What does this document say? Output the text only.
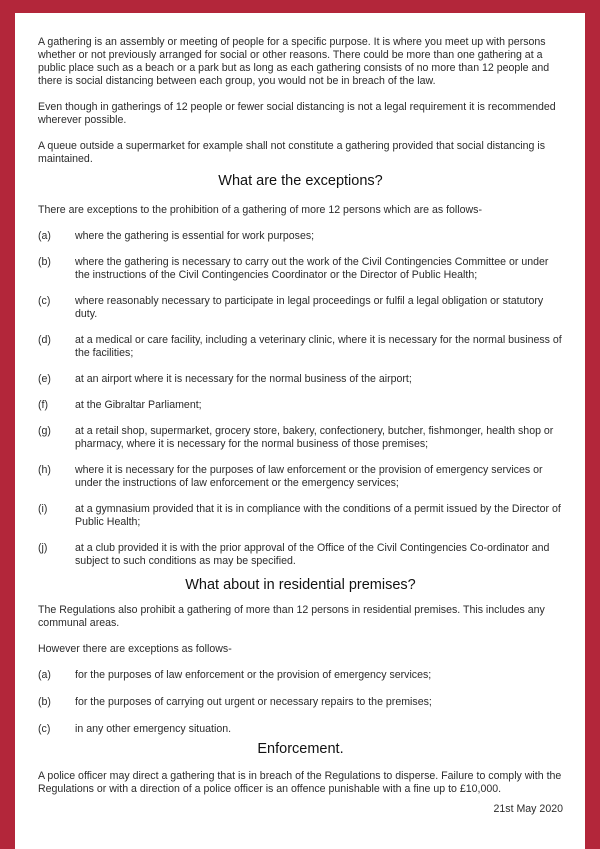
A gathering is an assembly or meeting of people for a specific purpose. It is where you meet up with persons whether or not previously arranged for social or other reasons. There could be more than one gathering at a public place such as a beach or a park but as long as each gathering consists of no more than 12 people and there is social distancing between each group, you would not be in breach of the law.

Even though in gatherings of 12 people or fewer social distancing is not a legal requirement it is recommended wherever possible.

A queue outside a supermarket for example shall not constitute a gathering provided that social distancing is maintained.

What are the exceptions?

There are exceptions to the prohibition of a gathering of more 12 persons which are as follows-

(a)	where the gathering is essential for work purposes;
(b)	where the gathering is necessary to carry out the work of the Civil Contingencies Committee or under the instructions of the Civil Contingencies Coordinator or the Director of Public Health;
(c)	where reasonably necessary to participate in legal proceedings or fulfil a legal obligation or statutory duty.
(d)	at a medical or care facility, including a veterinary clinic, where it is necessary for the normal business of the facilities;
(e)	at an airport where it is necessary for the normal business of the airport;
(f)	at the Gibraltar Parliament;
(g)	at a retail shop, supermarket, grocery store, bakery, confectionery, butcher, fishmonger, health shop or pharmacy, where it is necessary for the normal business of those premises;
(h)	where it is necessary for the purposes of law enforcement or the provision of emergency services or under the instructions of law enforcement or the emergency services;
(i)	at a gymnasium provided that it is in compliance with the conditions of a permit issued by the Director of Public Health;
(j)	at a club provided it is with the prior approval of the Office of the Civil Contingencies Co-ordinator and subject to such conditions as may be specified.
What about in residential premises?

The Regulations also prohibit a gathering of more than 12 persons in residential premises. This includes any communal areas.

However there are exceptions as follows-

(a)	for the purposes of law enforcement or the provision of emergency services;
(b)	for the purposes of carrying out urgent or necessary repairs to the premises;
(c)	in any other emergency situation.
Enforcement.

A police officer may direct a gathering that is in breach of the Regulations to disperse. Failure to comply with the Regulations or with a direction of a police officer is an offence punishable with a fine up to £10,000.

21st May 2020
